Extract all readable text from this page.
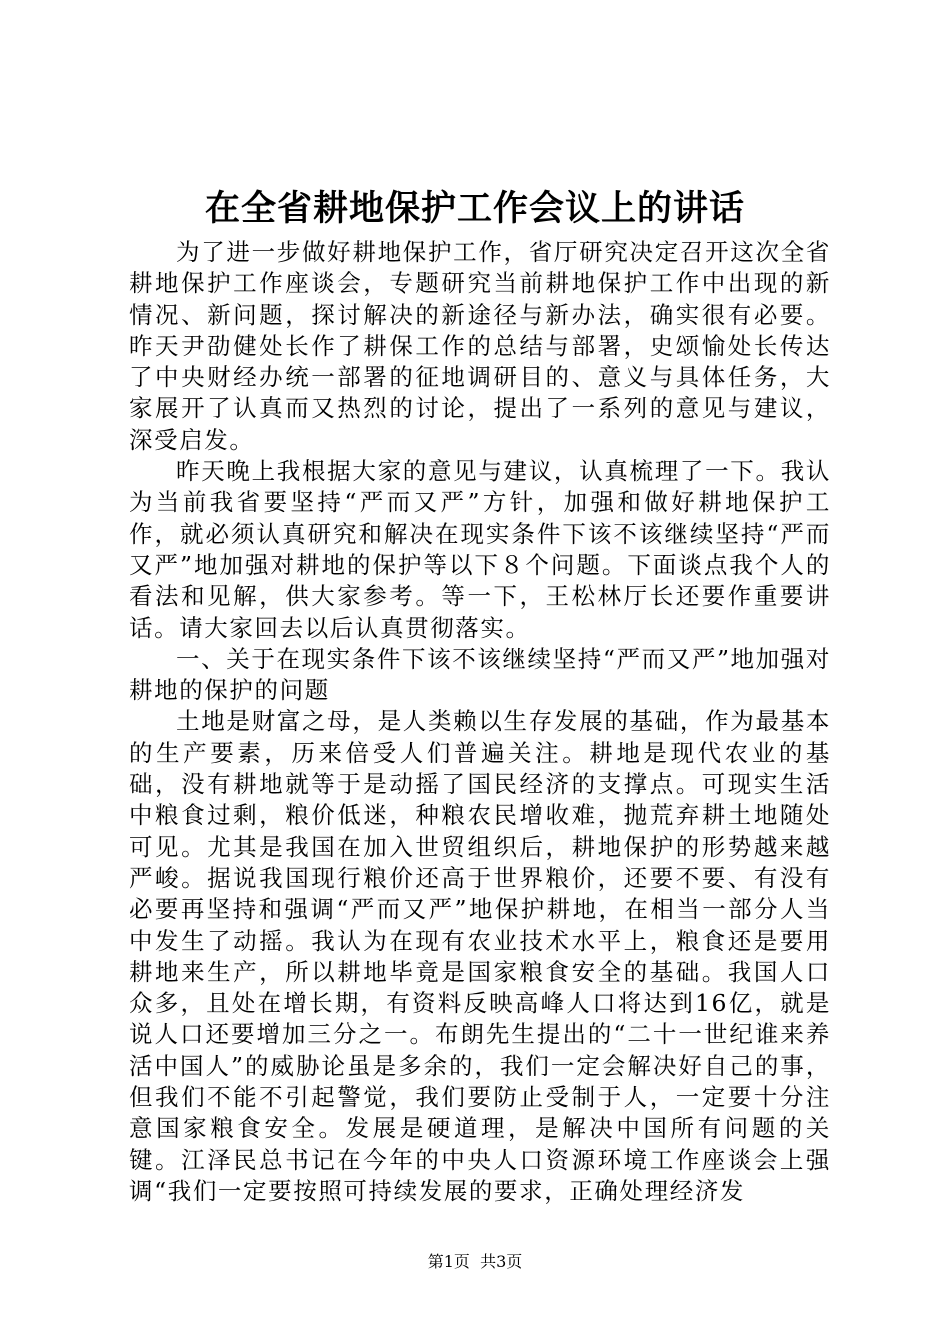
在全省耕地保护工作会议上的讲话

为了进一步做好耕地保护工作，省厅研究决定召开这次全省耕地保护工作座谈会，专题研究当前耕地保护工作中出现的新情况、新问题，探讨解决的新途径与新办法，确实很有必要。昨天尹劭健处长作了耕保工作的总结与部署，史颂愉处长传达了中央财经办统一部署的征地调研目的、意义与具体任务，大家展开了认真而又热烈的讨论，提出了一系列的意见与建议，深受启发。

昨天晚上我根据大家的意见与建议，认真梳理了一下。我认为当前我省要坚持“严而又严”方针，加强和做好耕地保护工作，就必须认真研究和解决在现实条件下该不该继续坚持“严而又严”地加强对耕地的保护等以下８个问题。下面谈点我个人的看法和见解，供大家参考。等一下，王松林厅长还要作重要讲话。请大家回去以后认真贯彻落实。

一、关于在现实条件下该不该继续坚持“严而又严”地加强对耕地的保护的问题

土地是财富之母，是人类赖以生存发展的基础，作为最基本的生产要素，历来倍受人们普遍关注。耕地是现代农业的基础，没有耕地就等于是动摇了国民经济的支撑点。可现实生活中粮食过剩，粮价低迷，种粮农民增收难，抛荒弃耕土地随处可见。尤其是我国在加入世贸组织后，耕地保护的形势越来越严峻。据说我国现行粮价还高于世界粮价，还要不要、有没有必要再坚持和强调“严而又严”地保护耕地，在相当一部分人当中发生了动摇。我认为在现有农业技术水平上，粮食还是要用耕地来生产，所以耕地毕竟是国家粮食安全的基础。我国人口众多，且处在增长期，有资料反映高峰人口将达到16亿，就是说人口还要增加三分之一。布朗先生提出的“二十一世纪谁来养活中国人”的威胁论虽是多余的，我们一定会解决好自己的事，但我们不能不引起警觉，我们要防止受制于人，一定要十分注意国家粮食安全。发展是硬道理，是解决中国所有问题的关键。江泽民总书记在今年的中央人口资源环境工作座谈会上强调“我们一定要按照可持续发展的要求，正确处理经济发

第1页  共3页
